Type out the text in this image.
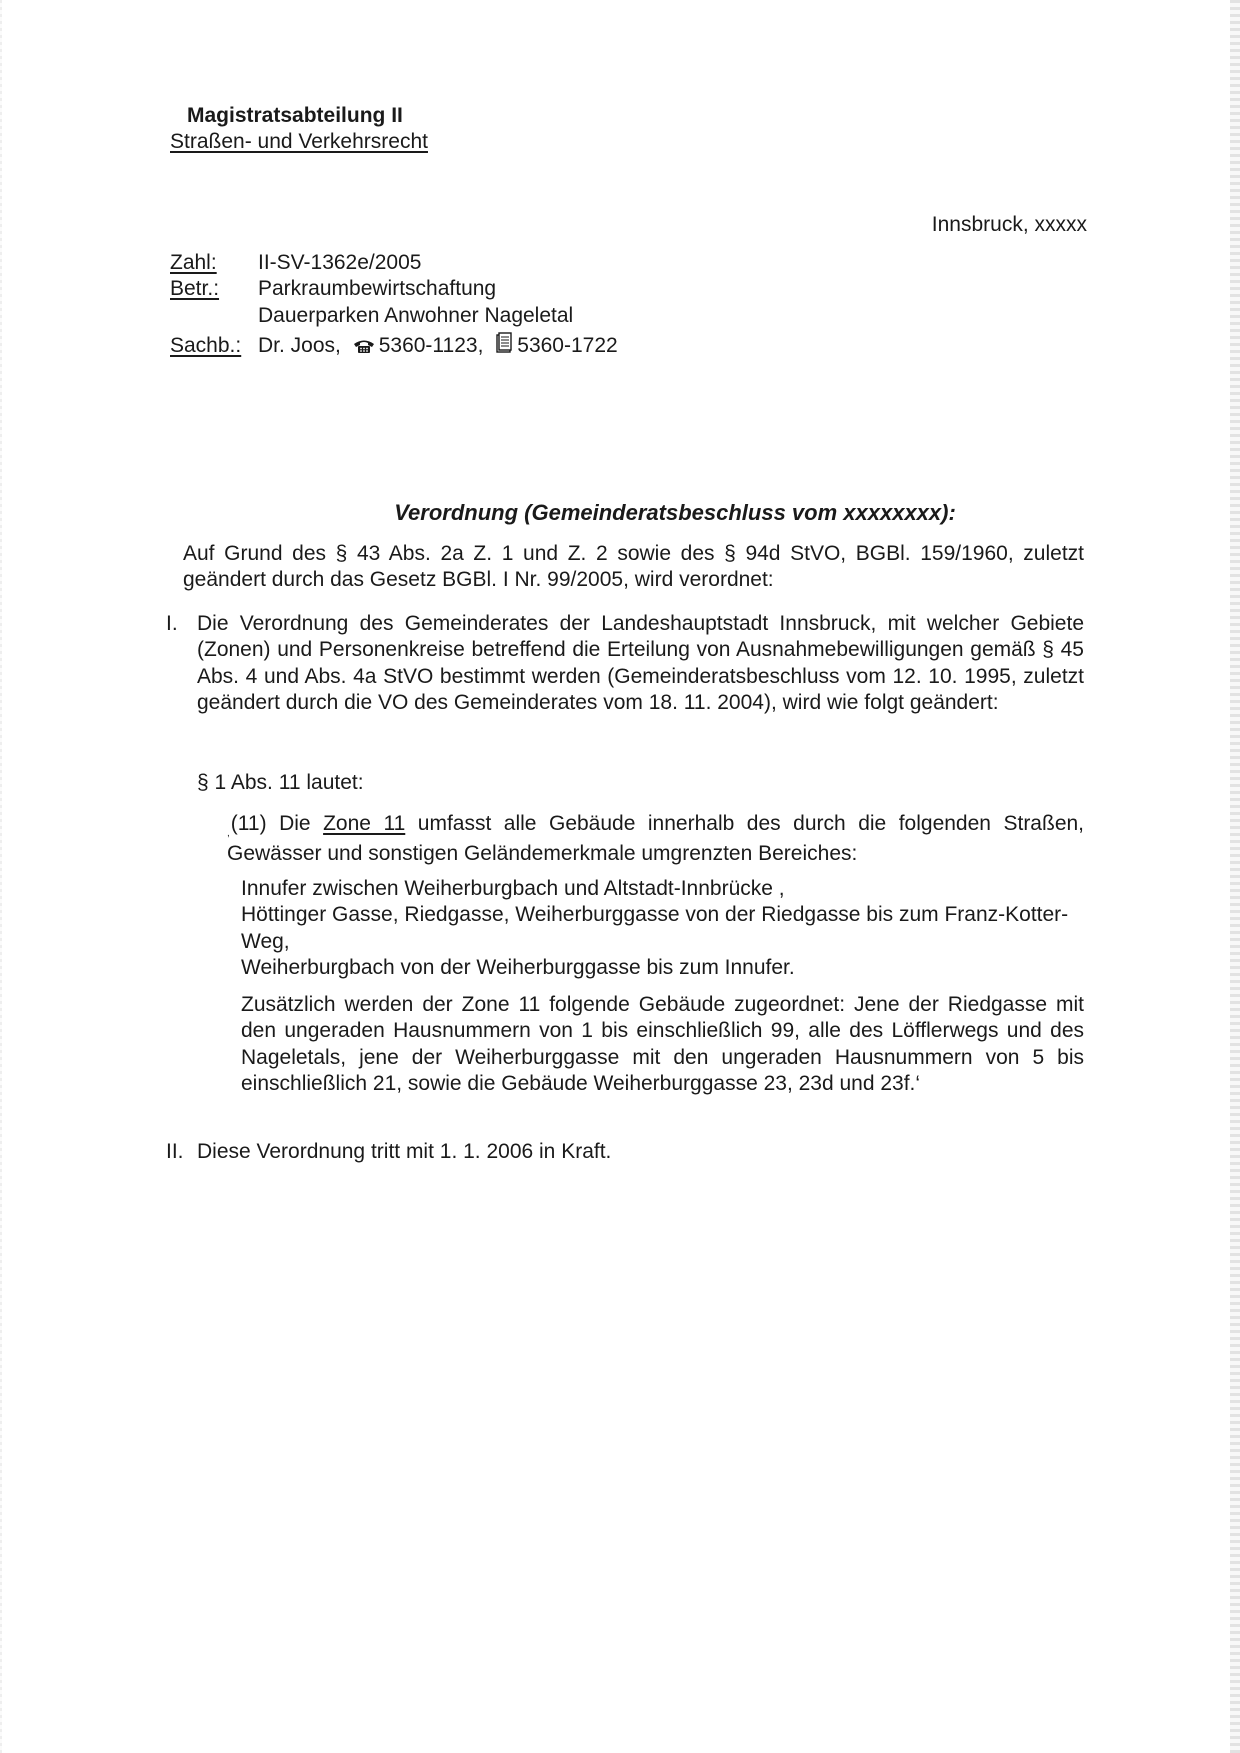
Magistratsabteilung II
Straßen- und Verkehrsrecht
Innsbruck, xxxxx
Zahl:	II-SV-1362e/2005
Betr.:	Parkraumbewirtschaftung
Dauerparken Anwohner Nageletal
Sachb.: Dr. Joos, 5360-1123, 5360-1722
Verordnung (Gemeinderatsbeschluss vom xxxxxxxx):
Auf Grund des § 43 Abs. 2a Z. 1 und Z. 2 sowie des § 94d StVO, BGBl. 159/1960, zuletzt geändert durch das Gesetz BGBl. I Nr. 99/2005, wird verordnet:
I. Die Verordnung des Gemeinderates der Landeshauptstadt Innsbruck, mit welcher Gebiete (Zonen) und Personenkreise betreffend die Erteilung von Ausnahmebewilligungen gemäß § 45 Abs. 4 und Abs. 4a StVO bestimmt werden (Gemeinderatsbeschluss vom 12. 10. 1995, zuletzt geändert durch die VO des Gemeinderates vom 18. 11. 2004), wird wie folgt geändert:
§ 1 Abs. 11 lautet:
$_,$(11) Die Zone 11 umfasst alle Gebäude innerhalb des durch die folgenden Straßen, Gewässer und sonstigen Geländemerkmale umgrenzten Bereiches:
Innufer zwischen Weiherburgbach und Altstadt-Innbrücke ,
Höttinger Gasse, Riedgasse, Weiherburggasse von der Riedgasse bis zum Franz-Kotter-Weg,
Weiherburgbach von der Weiherburggasse bis zum Innufer.
Zusätzlich werden der Zone 11 folgende Gebäude zugeordnet: Jene der Riedgasse mit den ungeraden Hausnummern von 1 bis einschließlich 99, alle des Löfflerwegs und des Nageletals, jene der Weiherburggasse mit den ungeraden Hausnummern von 5 bis einschließlich 21, sowie die Gebäude Weiherburggasse 23, 23d und 23f.‘
II. Diese Verordnung tritt mit 1. 1. 2006 in Kraft.
